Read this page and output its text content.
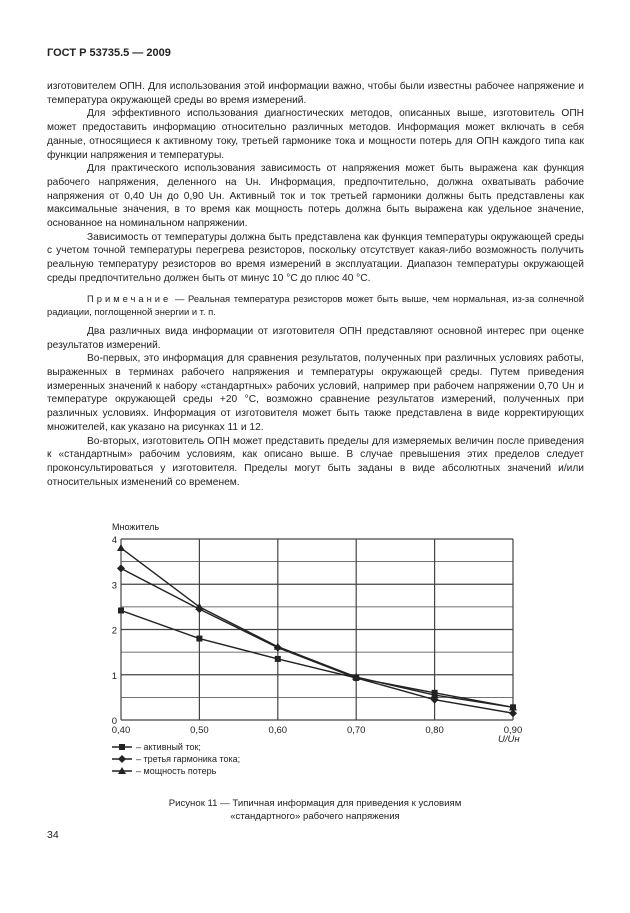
ГОСТ Р 53735.5 — 2009

изготовителем ОПН. Для использования этой информации важно, чтобы были известны рабочее напряжение и температура окружающей среды во время измерений.

Для эффективного использования диагностических методов, описанных выше, изготовитель ОПН может предоставить информацию относительно различных методов. Информация может включать в себя данные, относящиеся к активному току, третьей гармонике тока и мощности потерь для ОПН каждого типа как функции напряжения и температуры.

Для практического использования зависимость от напряжения может быть выражена как функция рабочего напряжения, деленного на Uн. Информация, предпочтительно, должна охватывать рабочие напряжения от 0,40 Uн до 0,90 Uн. Активный ток и ток третьей гармоники должны быть представлены как максимальные значения, в то время как мощность потерь должна быть выражена как удельное значение, основанное на номинальном напряжении.

Зависимость от температуры должна быть представлена как функция температуры окружающей среды с учетом точной температуры перегрева резисторов, поскольку отсутствует какая-либо возможность получить реальную температуру резисторов во время измерений в эксплуатации. Диапазон температуры окружающей среды предпочтительно должен быть от минус 10 °С до плюс 40 °С.

Примечание — Реальная температура резисторов может быть выше, чем нормальная, из-за солнечной радиации, поглощенной энергии и т. п.

Два различных вида информации от изготовителя ОПН представляют основной интерес при оценке результатов измерений.

Во-первых, это информация для сравнения результатов, полученных при различных условиях работы, выраженных в терминах рабочего напряжения и температуры окружающей среды. Путем приведения измеренных значений к набору «стандартных» рабочих условий, например при рабочем напряжении 0,70 Uн и температуре окружающей среды +20 °С, возможно сравнение результатов измерений, полученных при различных условиях. Информация от изготовителя может быть также представлена в виде корректирующих множителей, как указано на рисунках 11 и 12.

Во-вторых, изготовитель ОПН может представить пределы для измеряемых величин после приведения к «стандартным» рабочим условиям, как описано выше. В случае превышения этих пределов следует проконсультироваться у изготовителя. Пределы могут быть заданы в виде абсолютных значений и/или относительных изменений со временем.

Множитель
0,40	0,50	0,60	0,70	0,80	0,90
0
1
2
3
4
– активный ток;
– третья гармоника тока;
– мощность потерь
U/Uн
Рисунок 11 — Типичная информация для приведения к условиям
«стандартного» рабочего напряжения
34
